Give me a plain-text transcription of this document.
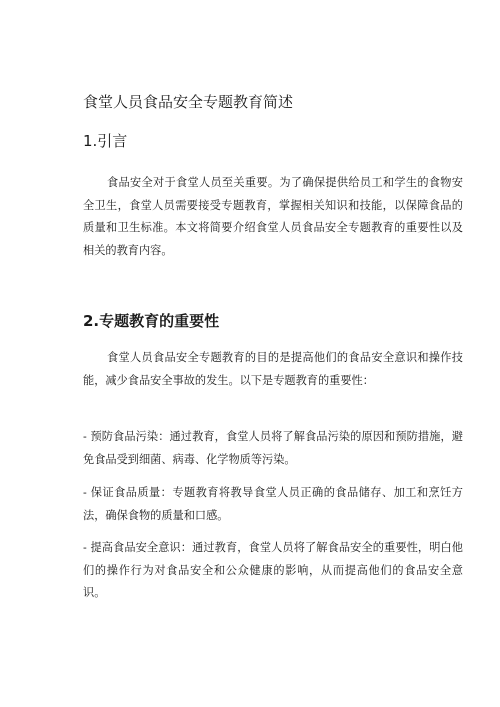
食堂人员食品安全专题教育简述
1.引言

食品安全对于食堂人员至关重要。为了确保提供给员工和学生的食物安全卫生，食堂人员需要接受专题教育，掌握相关知识和技能，以保障食品的质量和卫生标准。本文将简要介绍食堂人员食品安全专题教育的重要性以及相关的教育内容。

2.专题教育的重要性

食堂人员食品安全专题教育的目的是提高他们的食品安全意识和操作技能，减少食品安全事故的发生。以下是专题教育的重要性：

- 预防食品污染：通过教育，食堂人员将了解食品污染的原因和预防措施，避免食品受到细菌、病毒、化学物质等污染。

- 保证食品质量：专题教育将教导食堂人员正确的食品储存、加工和烹饪方法，确保食物的质量和口感。

- 提高食品安全意识：通过教育，食堂人员将了解食品安全的重要性，明白他们的操作行为对食品安全和公众健康的影响，从而提高他们的食品安全意识。
